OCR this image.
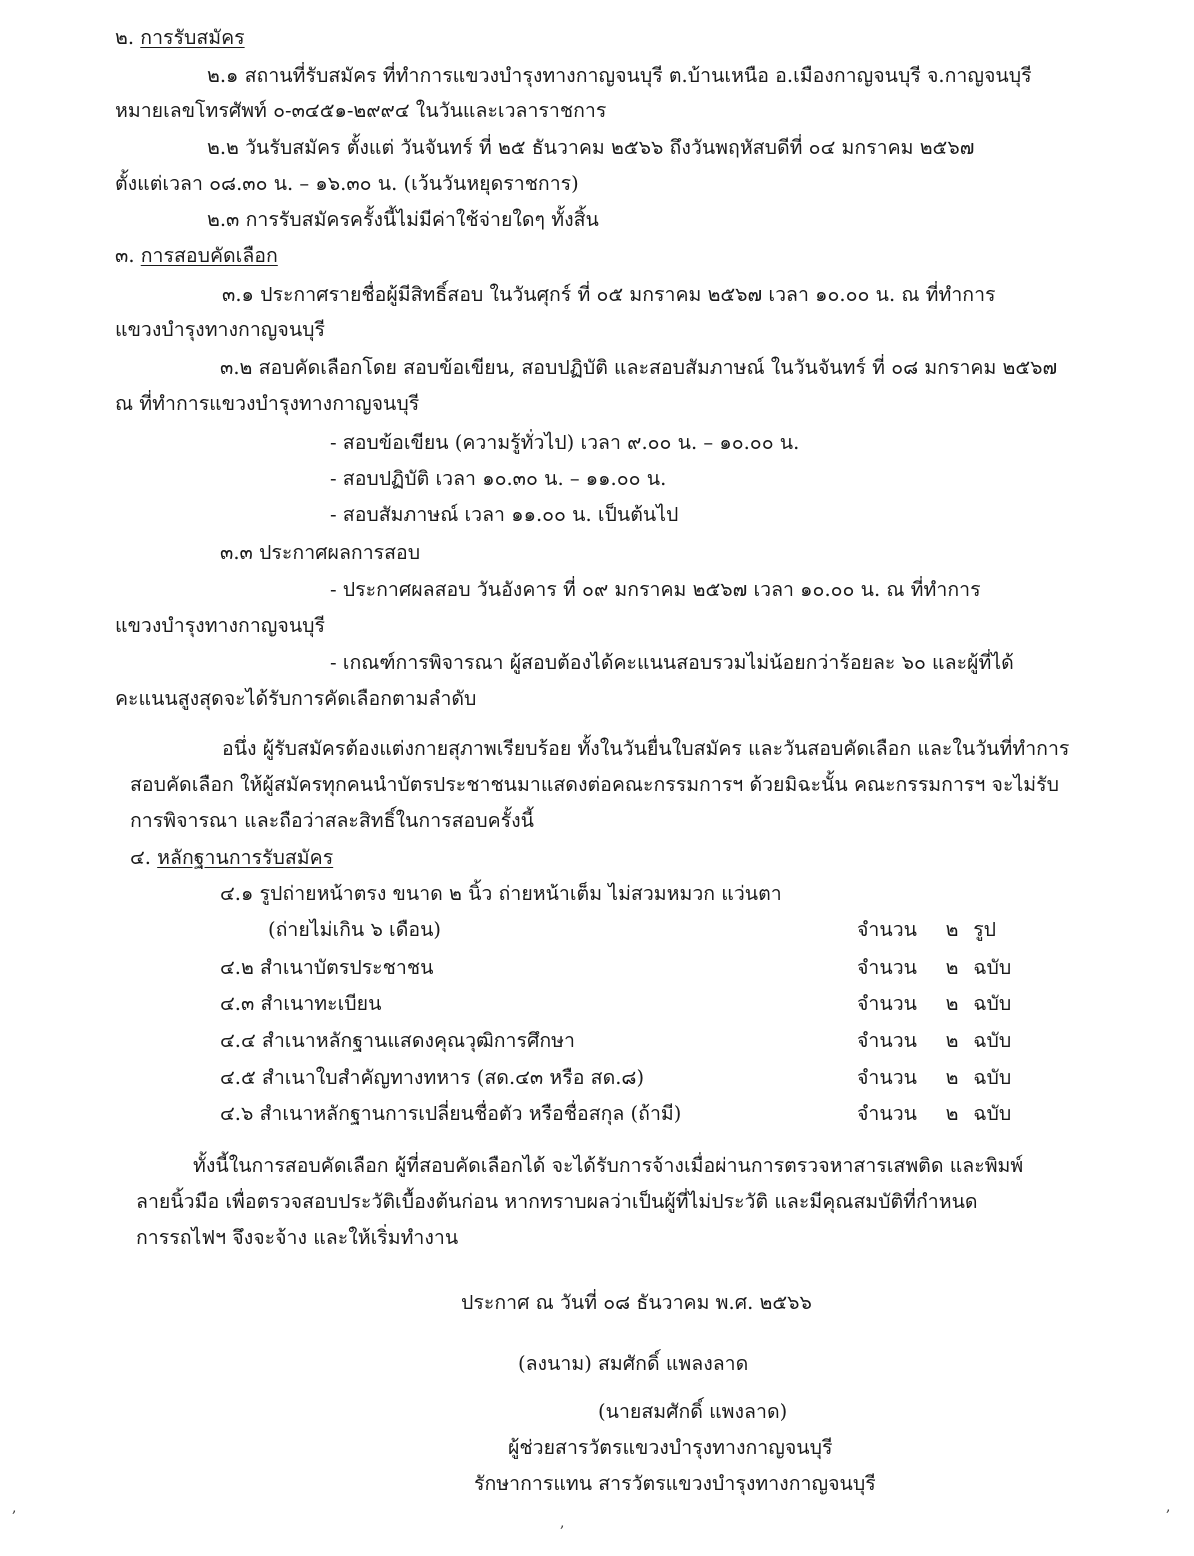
๒. การรับสมัคร
๒.๑ สถานที่รับสมัคร ที่ทำการแขวงบำรุงทางกาญจนบุรี ต.บ้านเหนือ อ.เมืองกาญจนบุรี จ.กาญจนบุรี
หมายเลขโทรศัพท์ ๐-๓๔๕๑-๒๙๙๔ ในวันและเวลาราชการ
๒.๒ วันรับสมัคร ตั้งแต่ วันจันทร์ ที่ ๒๕ ธันวาคม ๒๕๖๖ ถึงวันพฤหัสบดีที่ ๐๔ มกราคม ๒๕๖๗
ตั้งแต่เวลา ๐๘.๓๐ น. – ๑๖.๓๐ น. (เว้นวันหยุดราชการ)
๒.๓ การรับสมัครครั้งนี้ไม่มีค่าใช้จ่ายใดๆ ทั้งสิ้น
๓. การสอบคัดเลือก
๓.๑ ประกาศรายชื่อผู้มีสิทธิ์สอบ ในวันศุกร์ ที่ ๐๕ มกราคม ๒๕๖๗ เวลา ๑๐.๐๐ น. ณ ที่ทำการ
แขวงบำรุงทางกาญจนบุรี
๓.๒ สอบคัดเลือกโดย สอบข้อเขียน, สอบปฏิบัติ และสอบสัมภาษณ์ ในวันจันทร์ ที่ ๐๘ มกราคม ๒๕๖๗
ณ ที่ทำการแขวงบำรุงทางกาญจนบุรี
- สอบข้อเขียน (ความรู้ทั่วไป) เวลา ๙.๐๐ น. – ๑๐.๐๐ น.
- สอบปฏิบัติ เวลา ๑๐.๓๐ น. – ๑๑.๐๐ น.
- สอบสัมภาษณ์ เวลา ๑๑.๐๐ น. เป็นต้นไป
๓.๓ ประกาศผลการสอบ
- ประกาศผลสอบ วันอังคาร ที่ ๐๙ มกราคม ๒๕๖๗ เวลา ๑๐.๐๐ น. ณ ที่ทำการ
แขวงบำรุงทางกาญจนบุรี
- เกณฑ์การพิจารณา ผู้สอบต้องได้คะแนนสอบรวมไม่น้อยกว่าร้อยละ ๖๐ และผู้ที่ได้
คะแนนสูงสุดจะได้รับการคัดเลือกตามลำดับ
อนึ่ง ผู้รับสมัครต้องแต่งกายสุภาพเรียบร้อย ทั้งในวันยื่นใบสมัคร และวันสอบคัดเลือก และในวันที่ทำการ
สอบคัดเลือก ให้ผู้สมัครทุกคนนำบัตรประชาชนมาแสดงต่อคณะกรรมการฯ ด้วยมิฉะนั้น คณะกรรมการฯ จะไม่รับ
การพิจารณา และถือว่าสละสิทธิ์ในการสอบครั้งนี้
๔. หลักฐานการรับสมัคร
๔.๑ รูปถ่ายหน้าตรง ขนาด ๒ นิ้ว ถ่ายหน้าเต็ม ไม่สวมหมวก แว่นตา
(ถ่ายไม่เกิน ๖ เดือน)	จำนวน ๒ รูป
๔.๒ สำเนาบัตรประชาชน	จำนวน ๒ ฉบับ
๔.๓ สำเนาทะเบียน	จำนวน ๒ ฉบับ
๔.๔ สำเนาหลักฐานแสดงคุณวุฒิการศึกษา	จำนวน ๒ ฉบับ
๔.๕ สำเนาใบสำคัญทางทหาร (สด.๔๓ หรือ สด.๘)	จำนวน ๒ ฉบับ
๔.๖ สำเนาหลักฐานการเปลี่ยนชื่อตัว หรือชื่อสกุล (ถ้ามี)	จำนวน ๒ ฉบับ
ทั้งนี้ในการสอบคัดเลือก ผู้ที่สอบคัดเลือกได้ จะได้รับการจ้างเมื่อผ่านการตรวจหาสารเสพติด และพิมพ์
ลายนิ้วมือ เพื่อตรวจสอบประวัติเบื้องต้นก่อน หากทราบผลว่าเป็นผู้ที่ไม่ประวัติ และมีคุณสมบัติที่กำหนด
การรถไฟฯ จึงจะจ้าง และให้เริ่มทำงาน
ประกาศ ณ วันที่ ๐๘ ธันวาคม พ.ศ. ๒๕๖๖
(ลงนาม) สมศักดิ์ แพลงลาด
(นายสมศักดิ์ แพงลาด)
ผู้ช่วยสารวัตรแขวงบำรุงทางกาญจนบุรี
รักษาการแทน สารวัตรแขวงบำรุงทางกาญจนบุรี
,	,
,
